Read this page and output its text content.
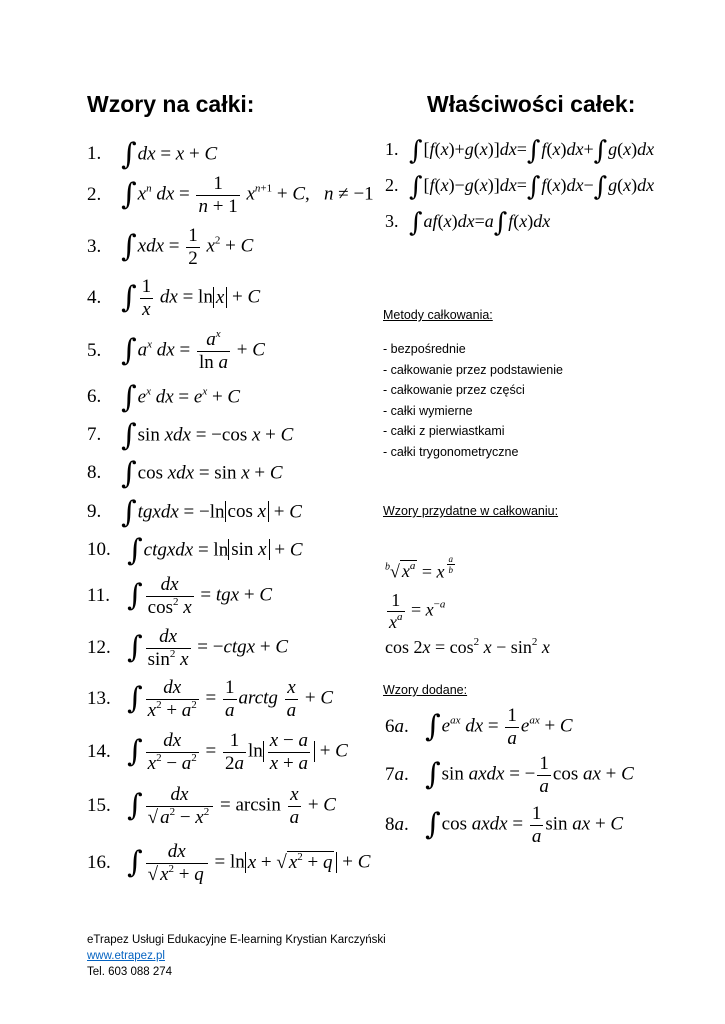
Wzory na całki:	Właściwości całek:
1. ∫dx = x + C
2. $\int x^n$ dx = $\frac{1}{n + 1} x^{n+1} + C$,   n ≠ −1
3. $\int xdx = \frac{1}{2} x^2 + C$
4. ∫ $\frac{1}{x}$ dx = ln x + C
5. $\int a^x$ dx = $\frac{a^x}{\text{ln a}} + C$
6. $\int e^x$ dx = $e^x + C$
7. ∫sin xdx = −cos x + C
8. ∫cos xdx = sin x + C
9. ∫tgxdx = −ln cos x + C
10. ∫ctgxdx = ln sin x + C
11. ∫ $\frac{dx}{\cos^2 x}$ = tgx + C
12. ∫ $\frac{dx}{\sin^2 x}$ = −ctgx + C
13. ∫ $\frac{dx}{x^2 + a^2} = \frac{1}{a}$ arctg $\frac{x}{a} + C$
14. ∫ $\frac{dx}{x^2 - a^2} = \frac{1}{2a}$ $\ln \frac{x - a}{x + a} + C$
15. ∫ $\frac{dx}{√ a^2 - x^2} = \arcsin \frac{x}{a} + C$
16. ∫ $\frac{dx}{√ x^2 + q} = \ln x$ + √ $x^2 + q + C$
1. ∫[f(x)+g(x)]dx=∫f(x)dx+∫g(x)dx
2. ∫[f(x)−g(x)]dx=∫f(x)dx−∫g(x)dx
3. ∫af(x)dx=a∫f(x)dx
Metody całkowania:
- bezpośrednie
- całkowanie przez podstawienie
- całkowanie przez części
- całki wymierne
- całki z pierwiastkami
- całki trygonometryczne
Wzory przydatne w całkowaniu:
$^b$√ $x^a = x$ $^{\frac{a}{b}}$
$\frac{1}{x^a} = x^{-a}$
$\cos 2x = \cos^2 x - \sin^2 x$
Wzory dodane:
6a. $\int e^{ax}$ dx = $\frac{1}{a} e^{ax} + C$
7a. ∫sin axdx = − $\frac{1}{a}$ cos ax + C
8a. ∫cos axdx = $\frac{1}{a}$ sin ax + C
eTrapez Usługi Edukacyjne E-learning Krystian Karczyński
www.etrapez.pl
Tel. 603 088 274
